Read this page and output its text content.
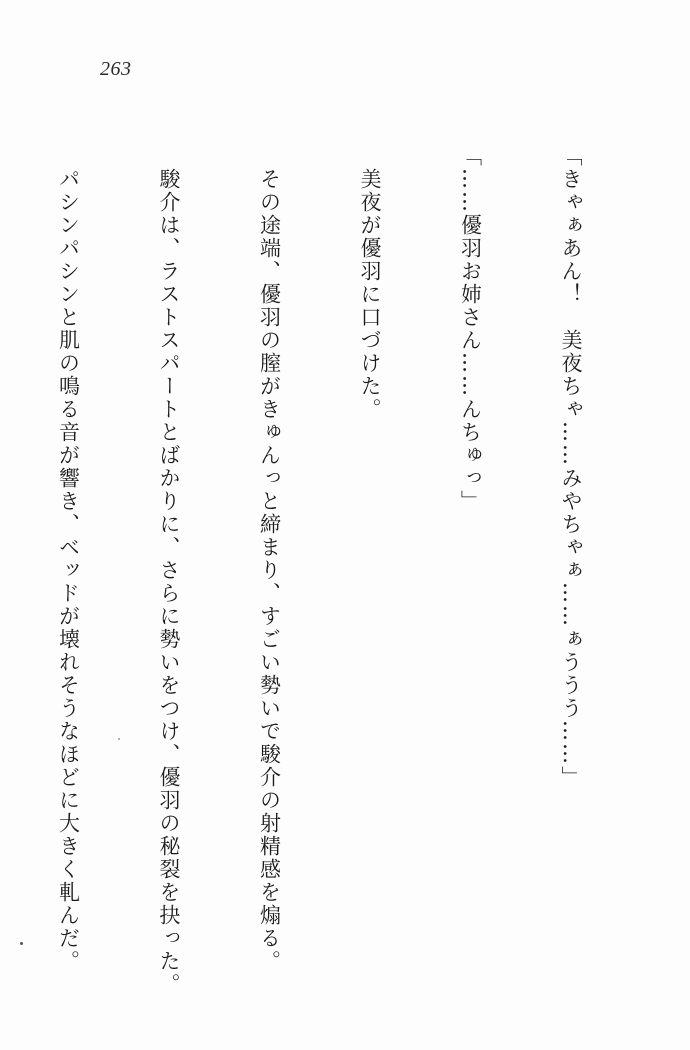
263

「きゃぁあん！　美夜ちゃ……みやちゃぁ……ぁううう……」

「……優羽お姉さん……んちゅっ」

　美夜が優羽に口づけた。

　その途端、優羽の膣がきゅんっと締まり、すごい勢いで駿介の射精感を煽る。

　駿介は、ラストスパートとばかりに、さらに勢いをつけ、優羽の秘裂を抉った。

　パシンパシンと肌の鳴る音が響き、ベッドが壊れそうなほどに大きく軋んだ。
